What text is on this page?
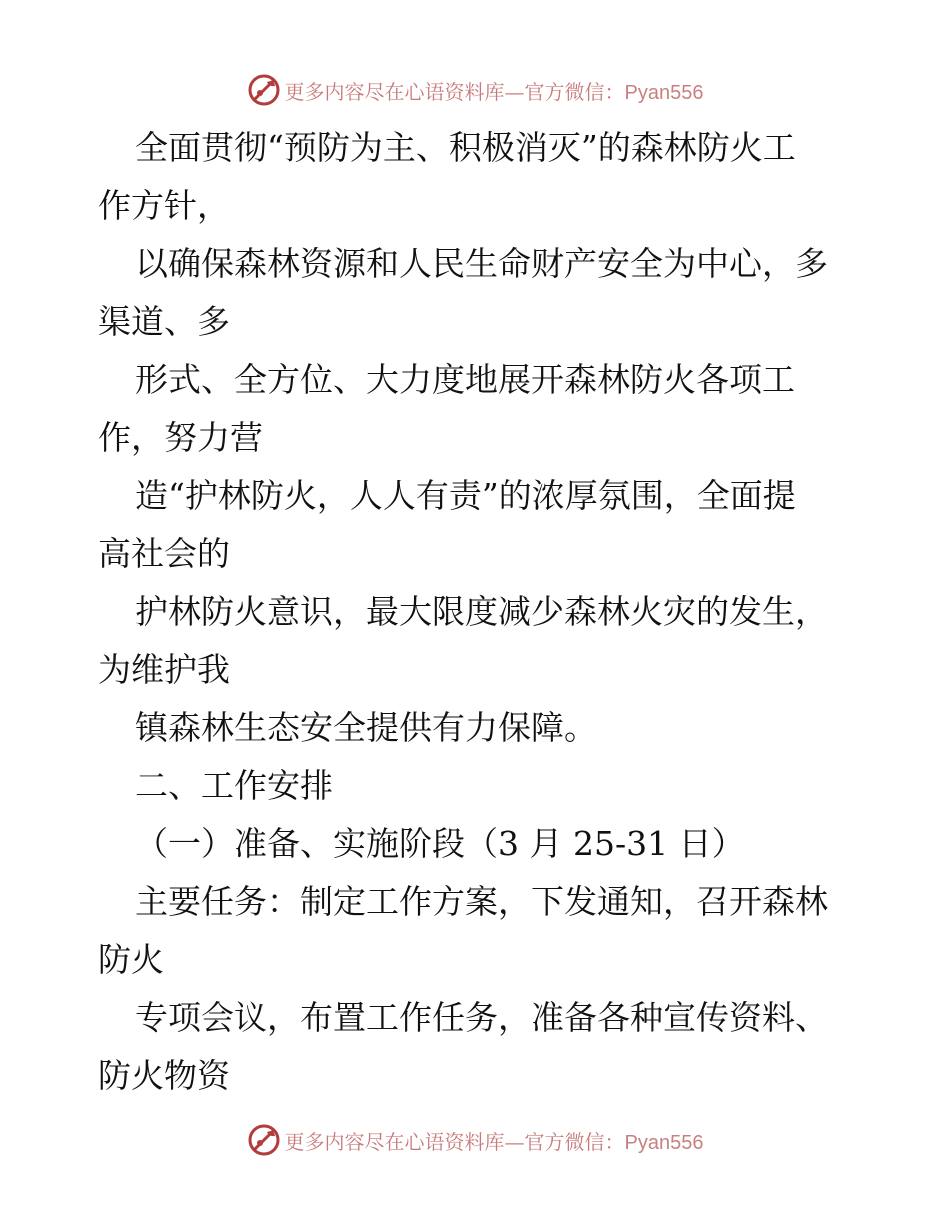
更多内容尽在心语资料库—官方微信：Pyan556
全面贯彻“预防为主、积极消灭”的森林防火工
作方针，
以确保森林资源和人民生命财产安全为中心，多
渠道、多
形式、全方位、大力度地展开森林防火各项工
作，努力营
造“护林防火，人人有责”的浓厚氛围，全面提
高社会的
护林防火意识，最大限度减少森林火灾的发生，
为维护我
镇森林生态安全提供有力保障。
二、工作安排
（一）准备、实施阶段（3 月 25-31 日）
主要任务：制定工作方案，下发通知，召开森林
防火
专项会议，布置工作任务，准备各种宣传资料、
防火物资
更多内容尽在心语资料库—官方微信：Pyan556
